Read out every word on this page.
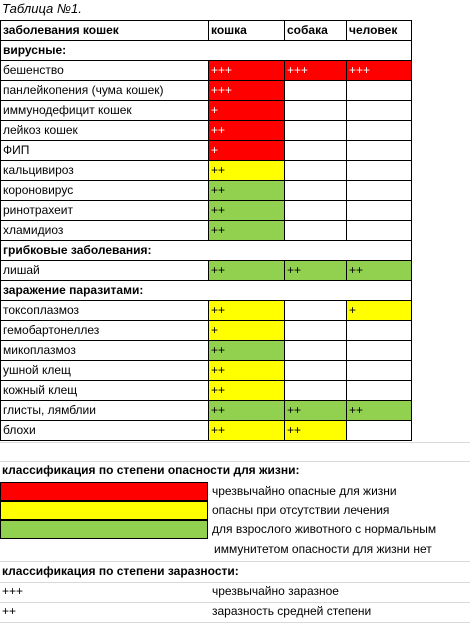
Таблица №1.
заболевания кошек	кошка	собака	человек
вирусные:			
бешенство	+++	+++	+++
панлейкопения (чума кошек)	+++		
иммунодефицит кошек	+		
лейкоз кошек	++		
ФИП	+		
кальцивироз	++		
короновирус	++		
ринотрахеит	++		
хламидиоз	++		
грибковые заболевания:			
лишай	++	++	++
заражение паразитами:			
токсоплазмоз	++		+
гемобартонеллез	+		
микоплазмоз	++		
ушной клещ	++		
кожный клещ	++		
глисты, лямблии	++	++	++
блохи	++	++	
классификация по степени опасности для жизни:
чрезвычайно опасные для жизни
опасны при отсутствии лечения
для взрослого животного с нормальным
иммунитетом опасности для жизни нет
классификация по степени заразности:
+++	чрезвычайно заразное
++	заразность средней степени
